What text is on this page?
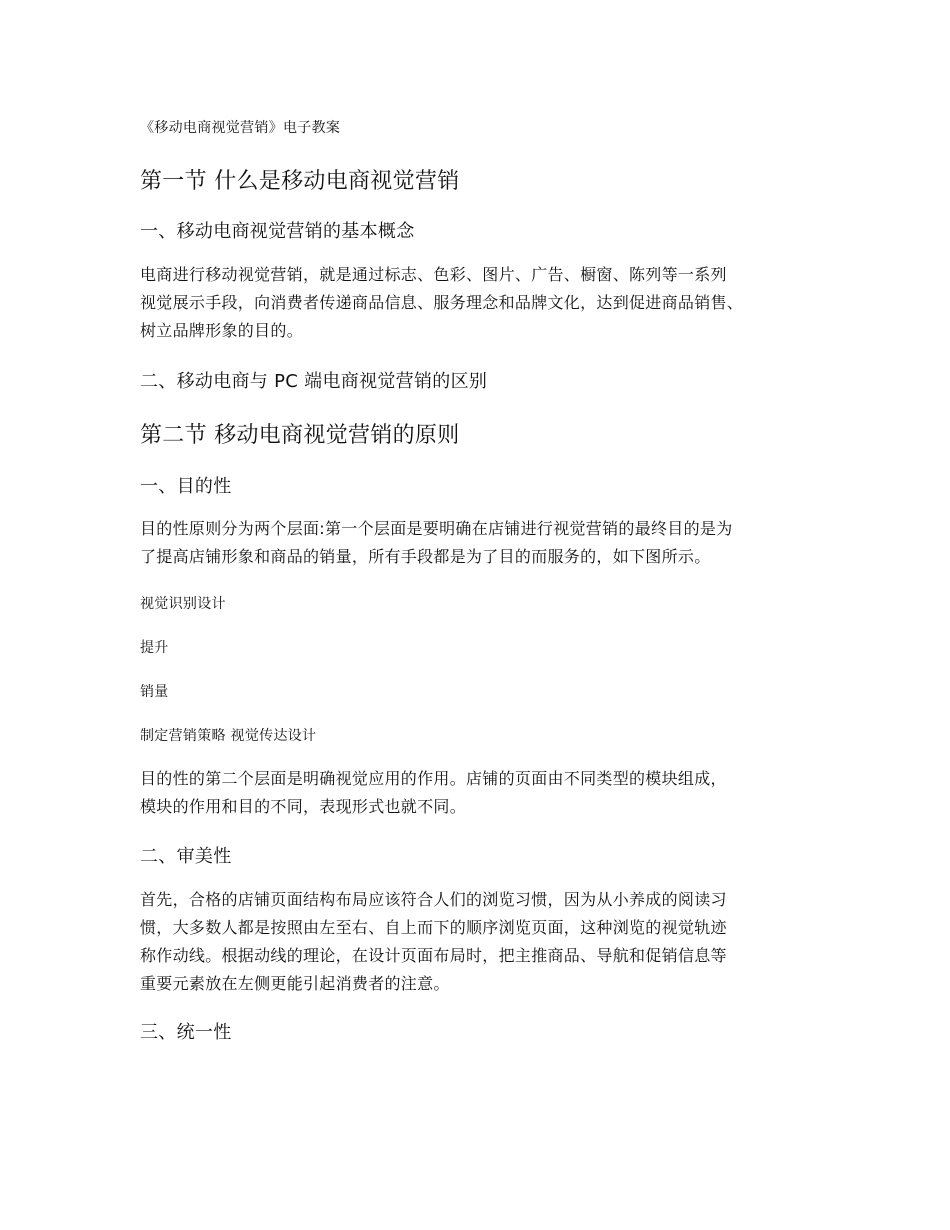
《移动电商视觉营销》电子教案
第一节 什么是移动电商视觉营销
一、移动电商视觉营销的基本概念
电商进行移动视觉营销，就是通过标志、色彩、图片、广告、橱窗、陈列等一系列
视觉展示手段，向消费者传递商品信息、服务理念和品牌文化，达到促进商品销售、
树立品牌形象的目的。
二、移动电商与 PC 端电商视觉营销的区别
第二节 移动电商视觉营销的原则
一、目的性
目的性原则分为两个层面:第一个层面是要明确在店铺进行视觉营销的最终目的是为
了提高店铺形象和商品的销量，所有手段都是为了目的而服务的，如下图所示。
视觉识别设计
提升
销量
制定营销策略 视觉传达设计
目的性的第二个层面是明确视觉应用的作用。店铺的页面由不同类型的模块组成，
模块的作用和目的不同，表现形式也就不同。
二、审美性
首先，合格的店铺页面结构布局应该符合人们的浏览习惯，因为从小养成的阅读习
惯，大多数人都是按照由左至右、自上而下的顺序浏览页面，这种浏览的视觉轨迹
称作动线。根据动线的理论，在设计页面布局时，把主推商品、导航和促销信息等
重要元素放在左侧更能引起消费者的注意。
三、统一性
